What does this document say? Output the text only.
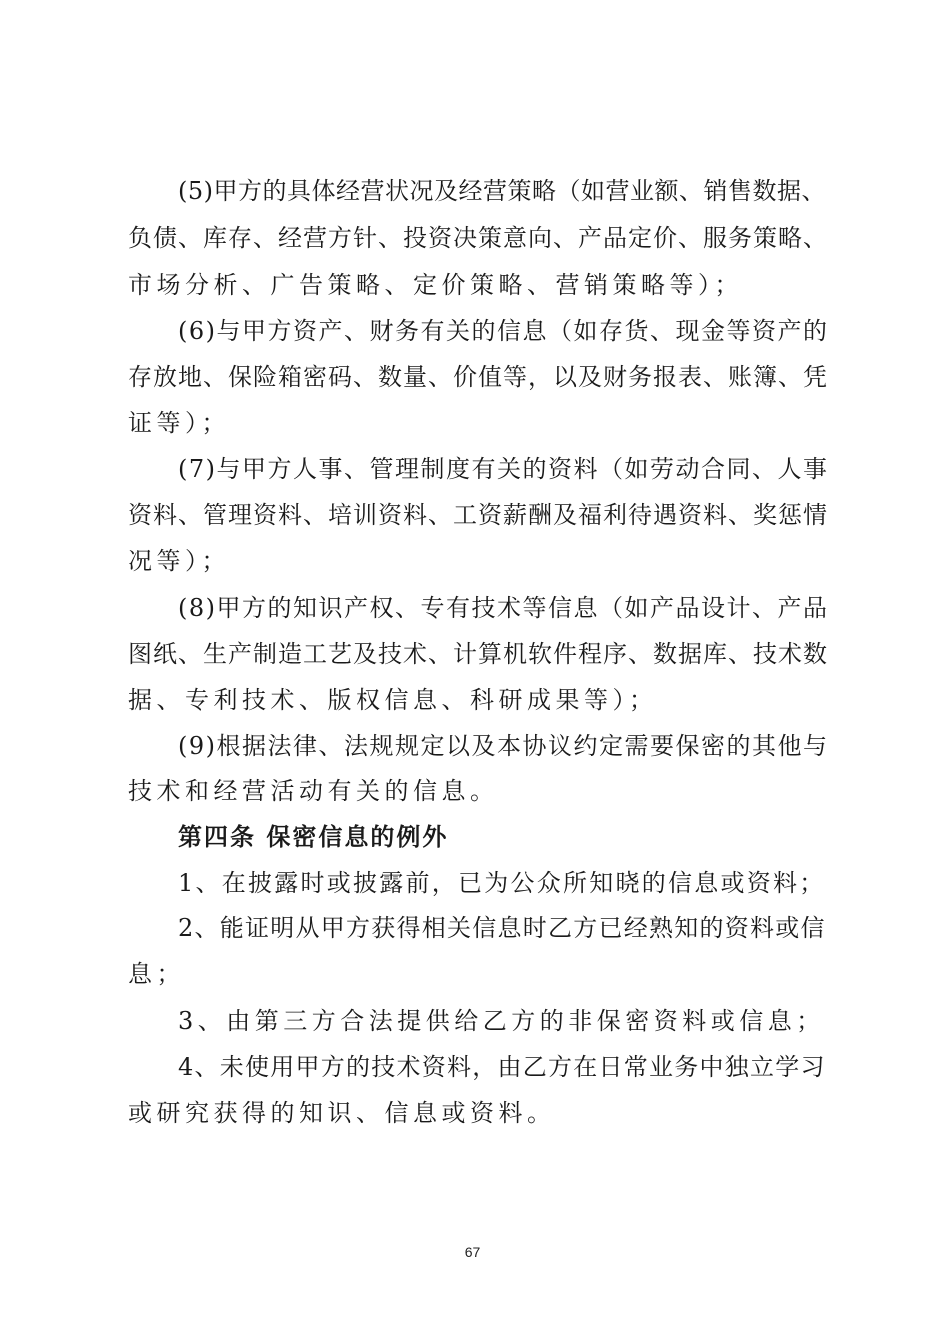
(5)甲方的具体经营状况及经营策略（如营业额、销售数据、
负债、库存、经营方针、投资决策意向、产品定价、服务策略、
市场分析、广告策略、定价策略、营销策略等）；
(6)与甲方资产、财务有关的信息（如存货、现金等资产的
存放地、保险箱密码、数量、价值等，以及财务报表、账簿、凭
证等）；
(7)与甲方人事、管理制度有关的资料（如劳动合同、人事
资料、管理资料、培训资料、工资薪酬及福利待遇资料、奖惩情
况等）；
(8)甲方的知识产权、专有技术等信息（如产品设计、产品
图纸、生产制造工艺及技术、计算机软件程序、数据库、技术数
据、专利技术、版权信息、科研成果等）；
(9)根据法律、法规规定以及本协议约定需要保密的其他与
技术和经营活动有关的信息。
第四条 保密信息的例外
1、在披露时或披露前，已为公众所知晓的信息或资料；
2、能证明从甲方获得相关信息时乙方已经熟知的资料或信
息；
3、由第三方合法提供给乙方的非保密资料或信息；
4、未使用甲方的技术资料，由乙方在日常业务中独立学习
或研究获得的知识、信息或资料。
67
